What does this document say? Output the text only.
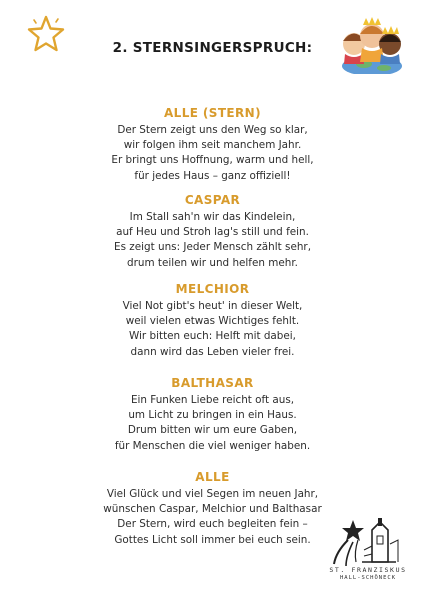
2. STERNSINGERSPRUCH:
ALLE (STERN)
Der Stern zeigt uns den Weg so klar,
wir folgen ihm seit manchem Jahr.
Er bringt uns Hoffnung, warm und hell,
für jedes Haus – ganz offiziell!
CASPAR
Im Stall sah'n wir das Kindelein,
auf Heu und Stroh lag's still und fein.
Es zeigt uns: Jeder Mensch zählt sehr,
drum teilen wir und helfen mehr.
MELCHIOR
Viel Not gibt's heut' in dieser Welt,
weil vielen etwas Wichtiges fehlt.
Wir bitten euch: Helft mit dabei,
dann wird das Leben vieler frei.
BALTHASAR
Ein Funken Liebe reicht oft aus,
um Licht zu bringen in ein Haus.
Drum bitten wir um eure Gaben,
für Menschen die viel weniger haben.
ALLE
Viel Glück und viel Segen im neuen Jahr,
wünschen Caspar, Melchior und Balthasar
Der Stern, wird euch begleiten fein –
Gottes Licht soll immer bei euch sein.
ST. FRANZISKUS
HALL-SCHÖNECK
